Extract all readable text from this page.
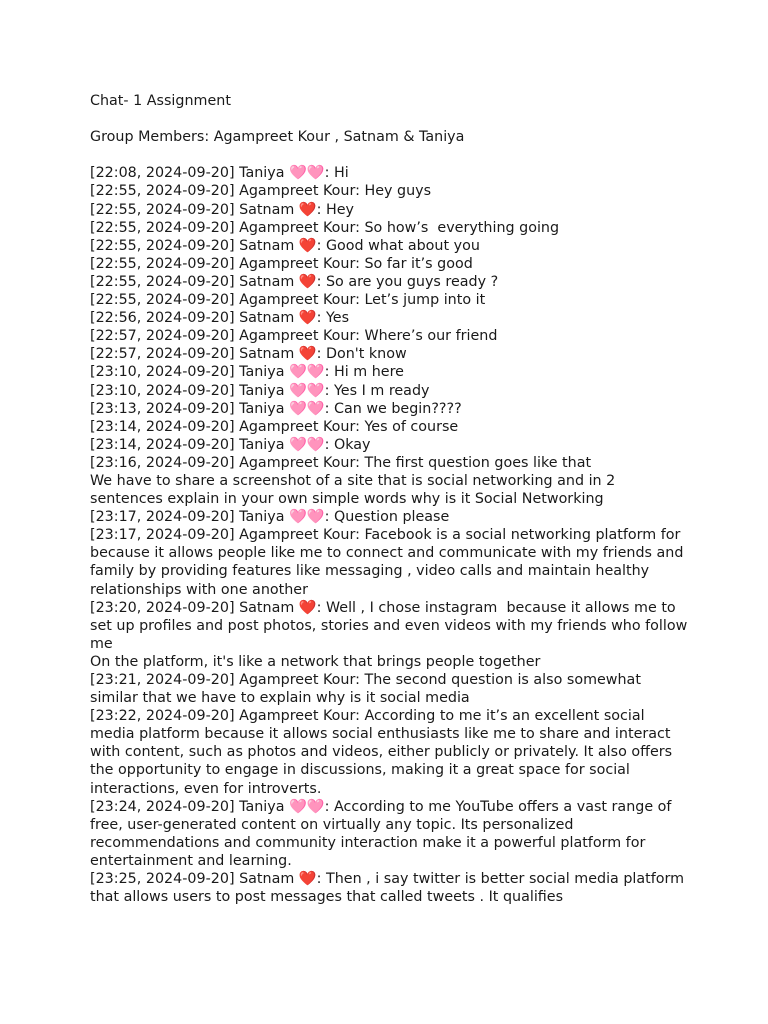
Chat- 1 Assignment

Group Members: Agampreet Kour , Satnam & Taniya

[22:08, 2024-09-20] Taniya 🩷🩷: Hi
[22:55, 2024-09-20] Agampreet Kour: Hey guys
[22:55, 2024-09-20] Satnam ❤️: Hey
[22:55, 2024-09-20] Agampreet Kour: So how’s  everything going
[22:55, 2024-09-20] Satnam ❤️: Good what about you
[22:55, 2024-09-20] Agampreet Kour: So far it’s good
[22:55, 2024-09-20] Satnam ❤️: So are you guys ready ?
[22:55, 2024-09-20] Agampreet Kour: Let’s jump into it
[22:56, 2024-09-20] Satnam ❤️: Yes
[22:57, 2024-09-20] Agampreet Kour: Where’s our friend
[22:57, 2024-09-20] Satnam ❤️: Don't know
[23:10, 2024-09-20] Taniya 🩷🩷: Hi m here
[23:10, 2024-09-20] Taniya 🩷🩷: Yes I m ready
[23:13, 2024-09-20] Taniya 🩷🩷: Can we begin????
[23:14, 2024-09-20] Agampreet Kour: Yes of course
[23:14, 2024-09-20] Taniya 🩷🩷: Okay
[23:16, 2024-09-20] Agampreet Kour: The first question goes like that
We have to share a screenshot of a site that is social networking and in 2 sentences explain in your own simple words why is it Social Networking
[23:17, 2024-09-20] Taniya 🩷🩷: Question please
[23:17, 2024-09-20] Agampreet Kour: Facebook is a social networking platform for because it allows people like me to connect and communicate with my friends and family by providing features like messaging , video calls and maintain healthy relationships with one another
[23:20, 2024-09-20] Satnam ❤️: Well , I chose instagram  because it allows me to set up profiles and post photos, stories and even videos with my friends who follow me
On the platform, it's like a network that brings people together
[23:21, 2024-09-20] Agampreet Kour: The second question is also somewhat similar that we have to explain why is it social media
[23:22, 2024-09-20] Agampreet Kour: According to me it’s an excellent social media platform because it allows social enthusiasts like me to share and interact with content, such as photos and videos, either publicly or privately. It also offers the opportunity to engage in discussions, making it a great space for social interactions, even for introverts.
[23:24, 2024-09-20] Taniya 🩷🩷: According to me YouTube offers a vast range of free, user-generated content on virtually any topic. Its personalized recommendations and community interaction make it a powerful platform for entertainment and learning.
[23:25, 2024-09-20] Satnam ❤️: Then , i say twitter is better social media platform that allows users to post messages that called tweets . It qualifies
